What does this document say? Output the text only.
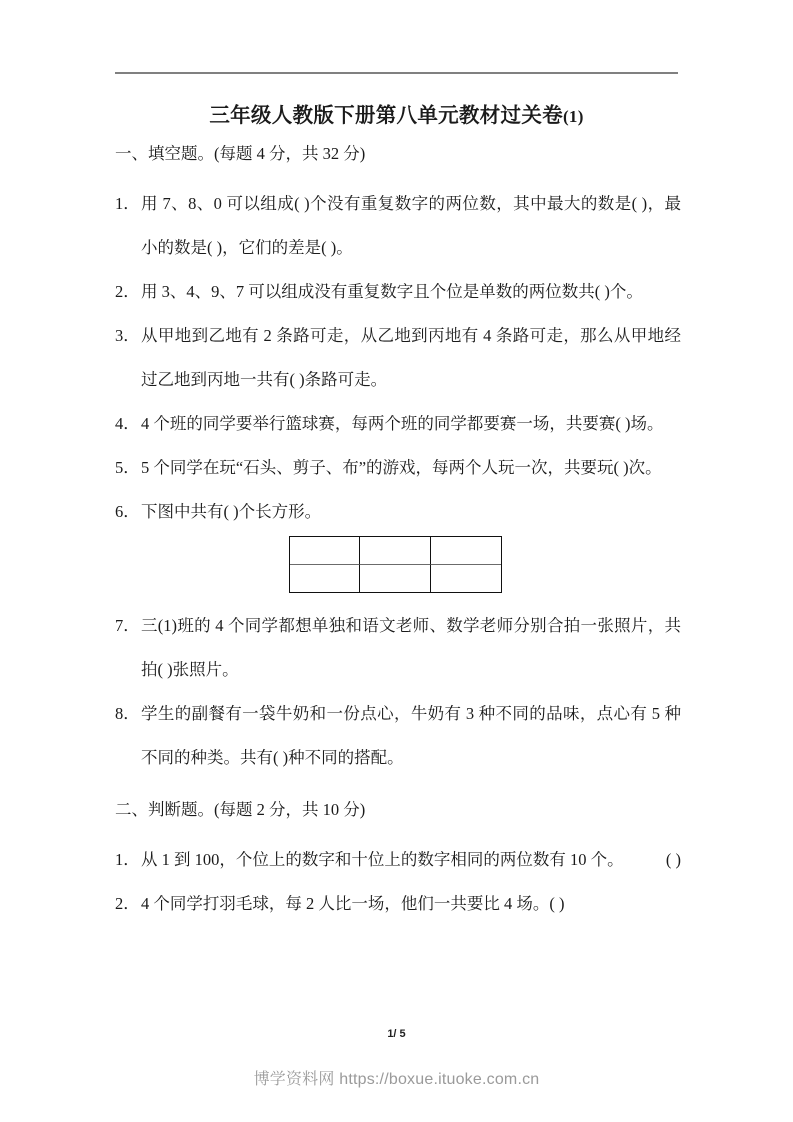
三年级人教版下册第八单元教材过关卷(1)

一、填空题。(每题 4 分，共 32 分)

1． 用 7、8、0 可以组成( )个没有重复数字的两位数，其中最大的数是( )，最小的数是( )，它们的差是( )。
2． 用 3、4、9、7 可以组成没有重复数字且个位是单数的两位数共( )个。
3． 从甲地到乙地有 2 条路可走，从乙地到丙地有 4 条路可走，那么从甲地经过乙地到丙地一共有( )条路可走。
4． 4 个班的同学要举行篮球赛，每两个班的同学都要赛一场，共要赛( )场。
5． 5 个同学在玩“石头、剪子、布”的游戏，每两个人玩一次，共要玩( )次。
6． 下图中共有( )个长方形。
7． 三(1)班的 4 个同学都想单独和语文老师、数学老师分别合拍一张照片，共拍( )张照片。
8． 学生的副餐有一袋牛奶和一份点心，牛奶有 3 种不同的品味，点心有 5 种不同的种类。共有( )种不同的搭配。

二、判断题。(每题 2 分，共 10 分)

1．	( )
从 1 到 100，个位上的数字和十位上的数字相同的两位数有 10 个。
2． 4 个同学打羽毛球，每 2 人比一场，他们一共要比 4 场。( )
1/ 5
博学资料网 https://boxue.ituoke.com.cn
